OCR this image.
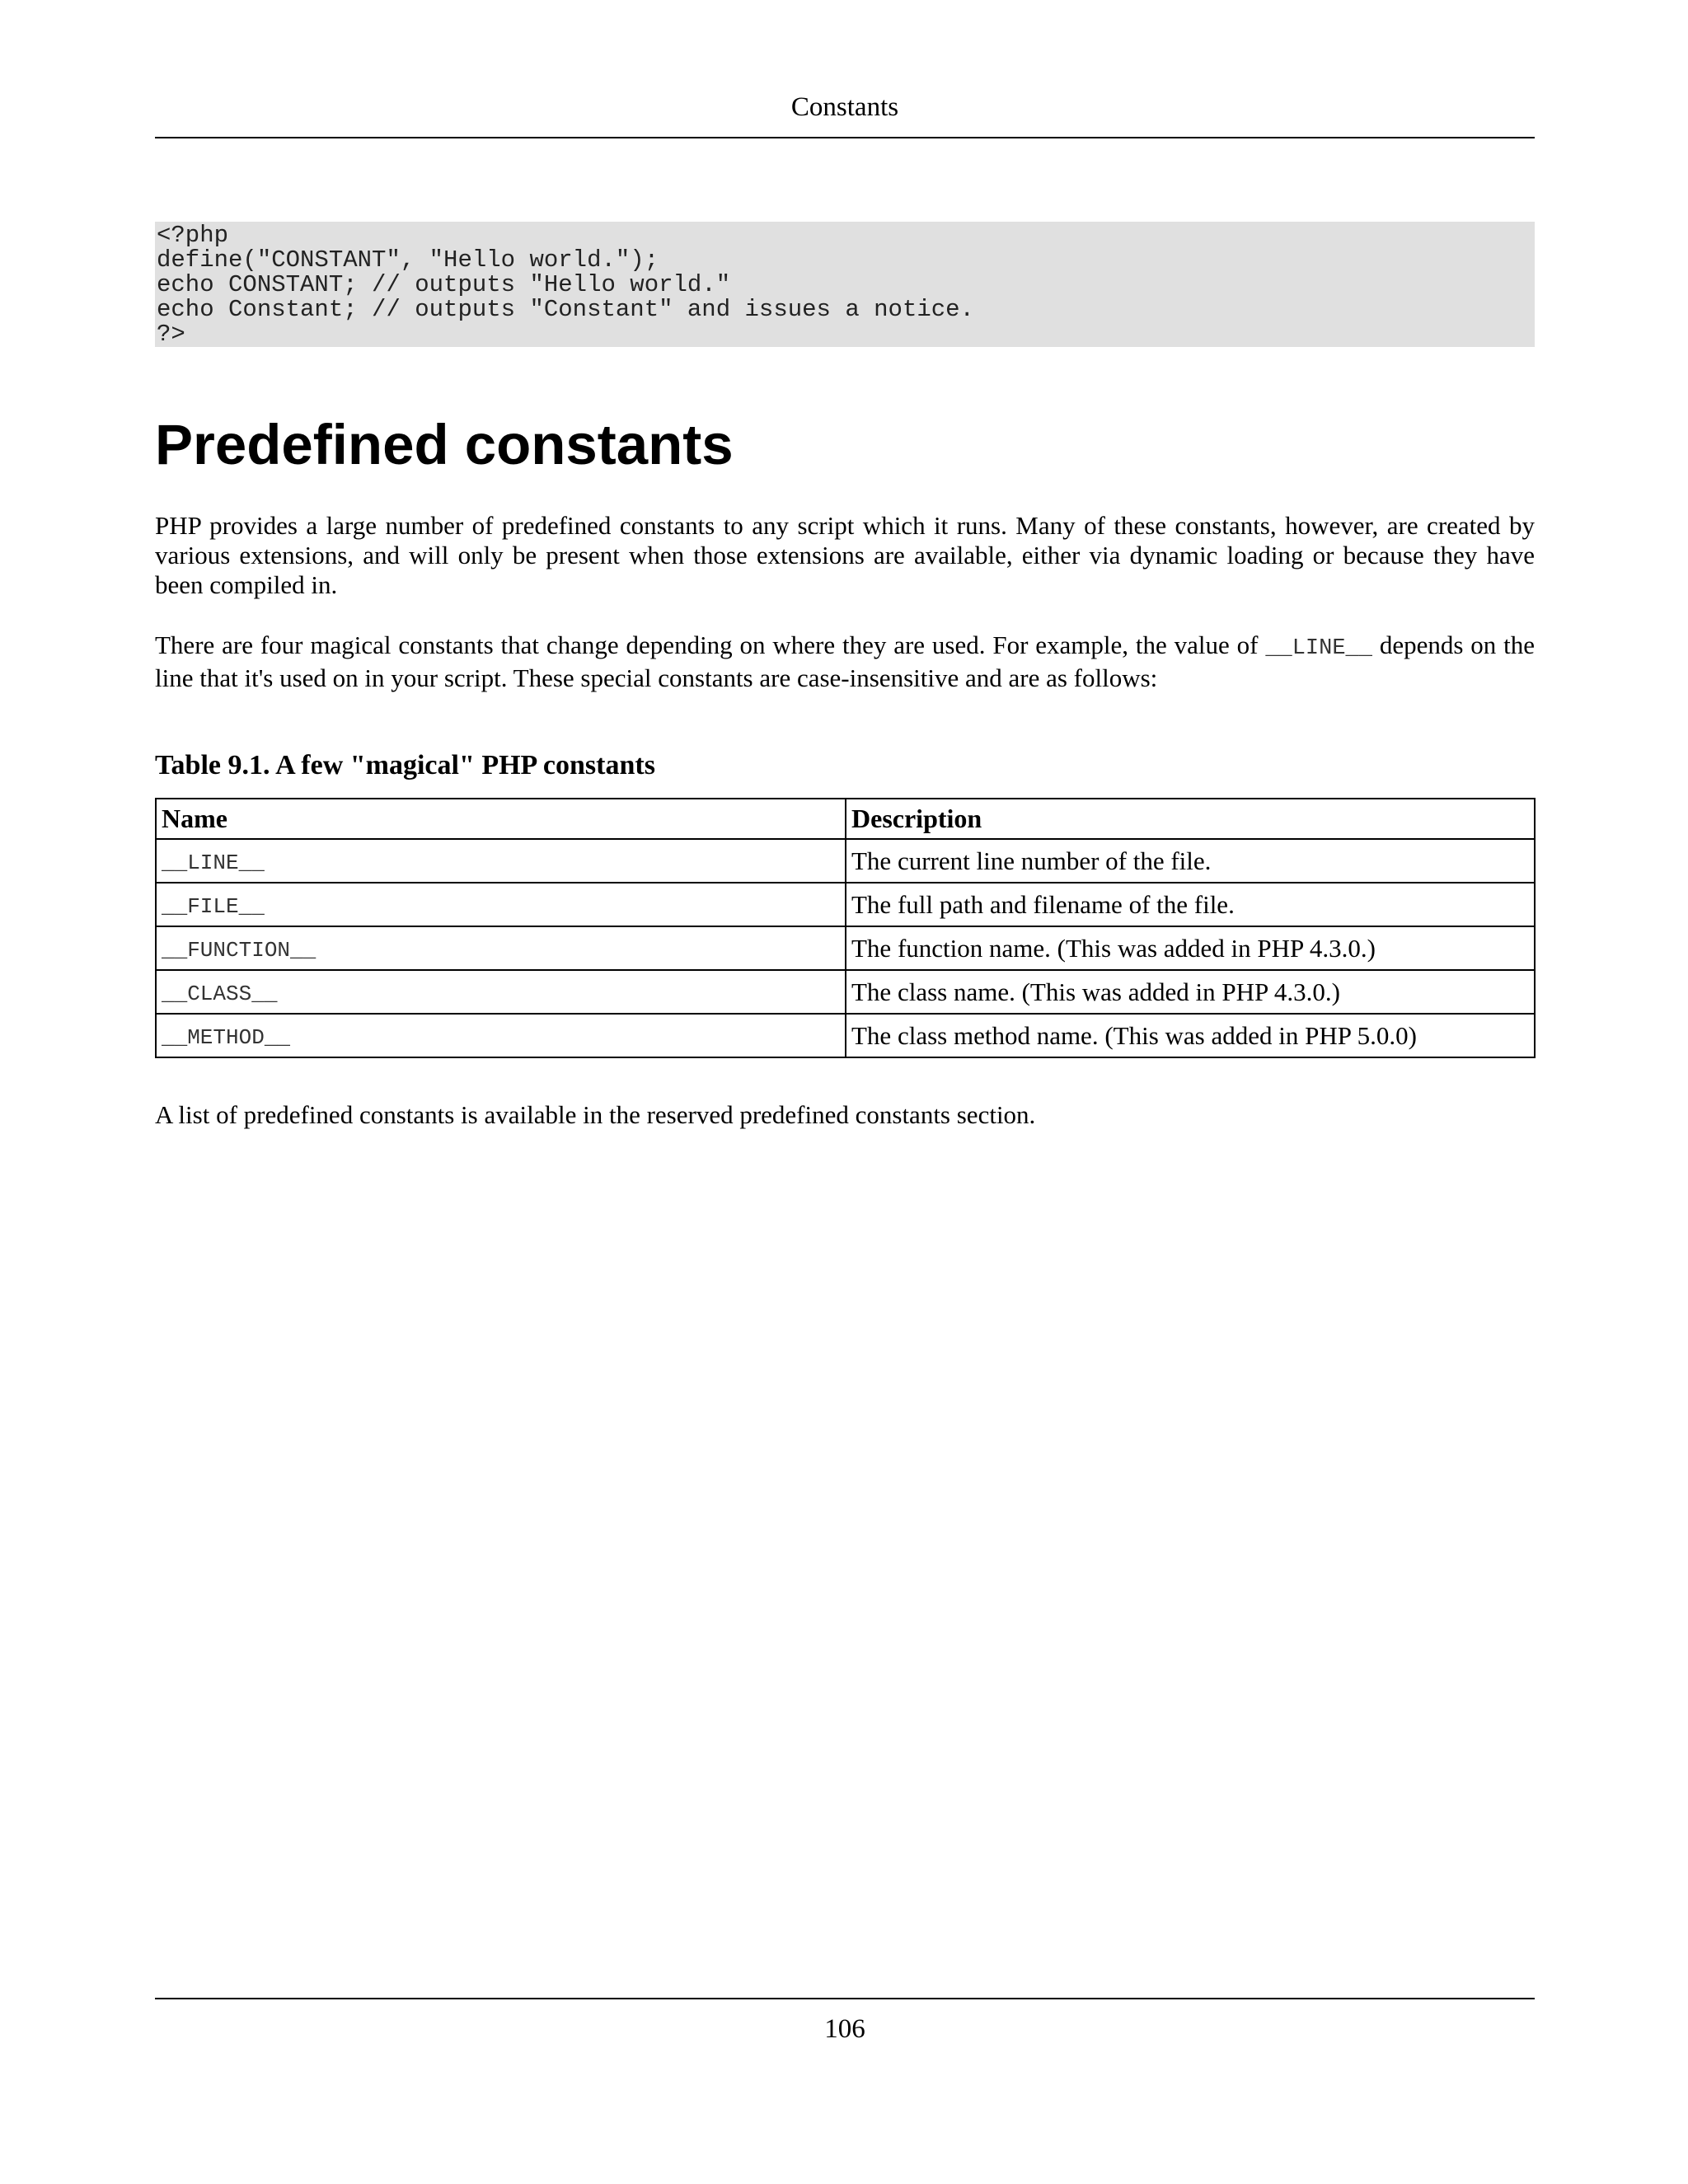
Constants
<?php
define("CONSTANT", "Hello world.");
echo CONSTANT; // outputs "Hello world."
echo Constant; // outputs "Constant" and issues a notice.
?>
Predefined constants

PHP provides a large number of predefined constants to any script which it runs. Many of these constants, however, are created by various extensions, and will only be present when those extensions are available, either via dynamic loading or because they have been compiled in.

There are four magical constants that change depending on where they are used. For example, the value of __LINE__ depends on the line that it's used on in your script. These special constants are case-insensitive and are as follows:

Table 9.1. A few "magical" PHP constants

Name	Description
__LINE__	The current line number of the file.
__FILE__	The full path and filename of the file.
__FUNCTION__	The function name. (This was added in PHP 4.3.0.)
__CLASS__	The class name. (This was added in PHP 4.3.0.)
__METHOD__	The class method name. (This was added in PHP 5.0.0)

A list of predefined constants is available in the reserved predefined constants section.

106
